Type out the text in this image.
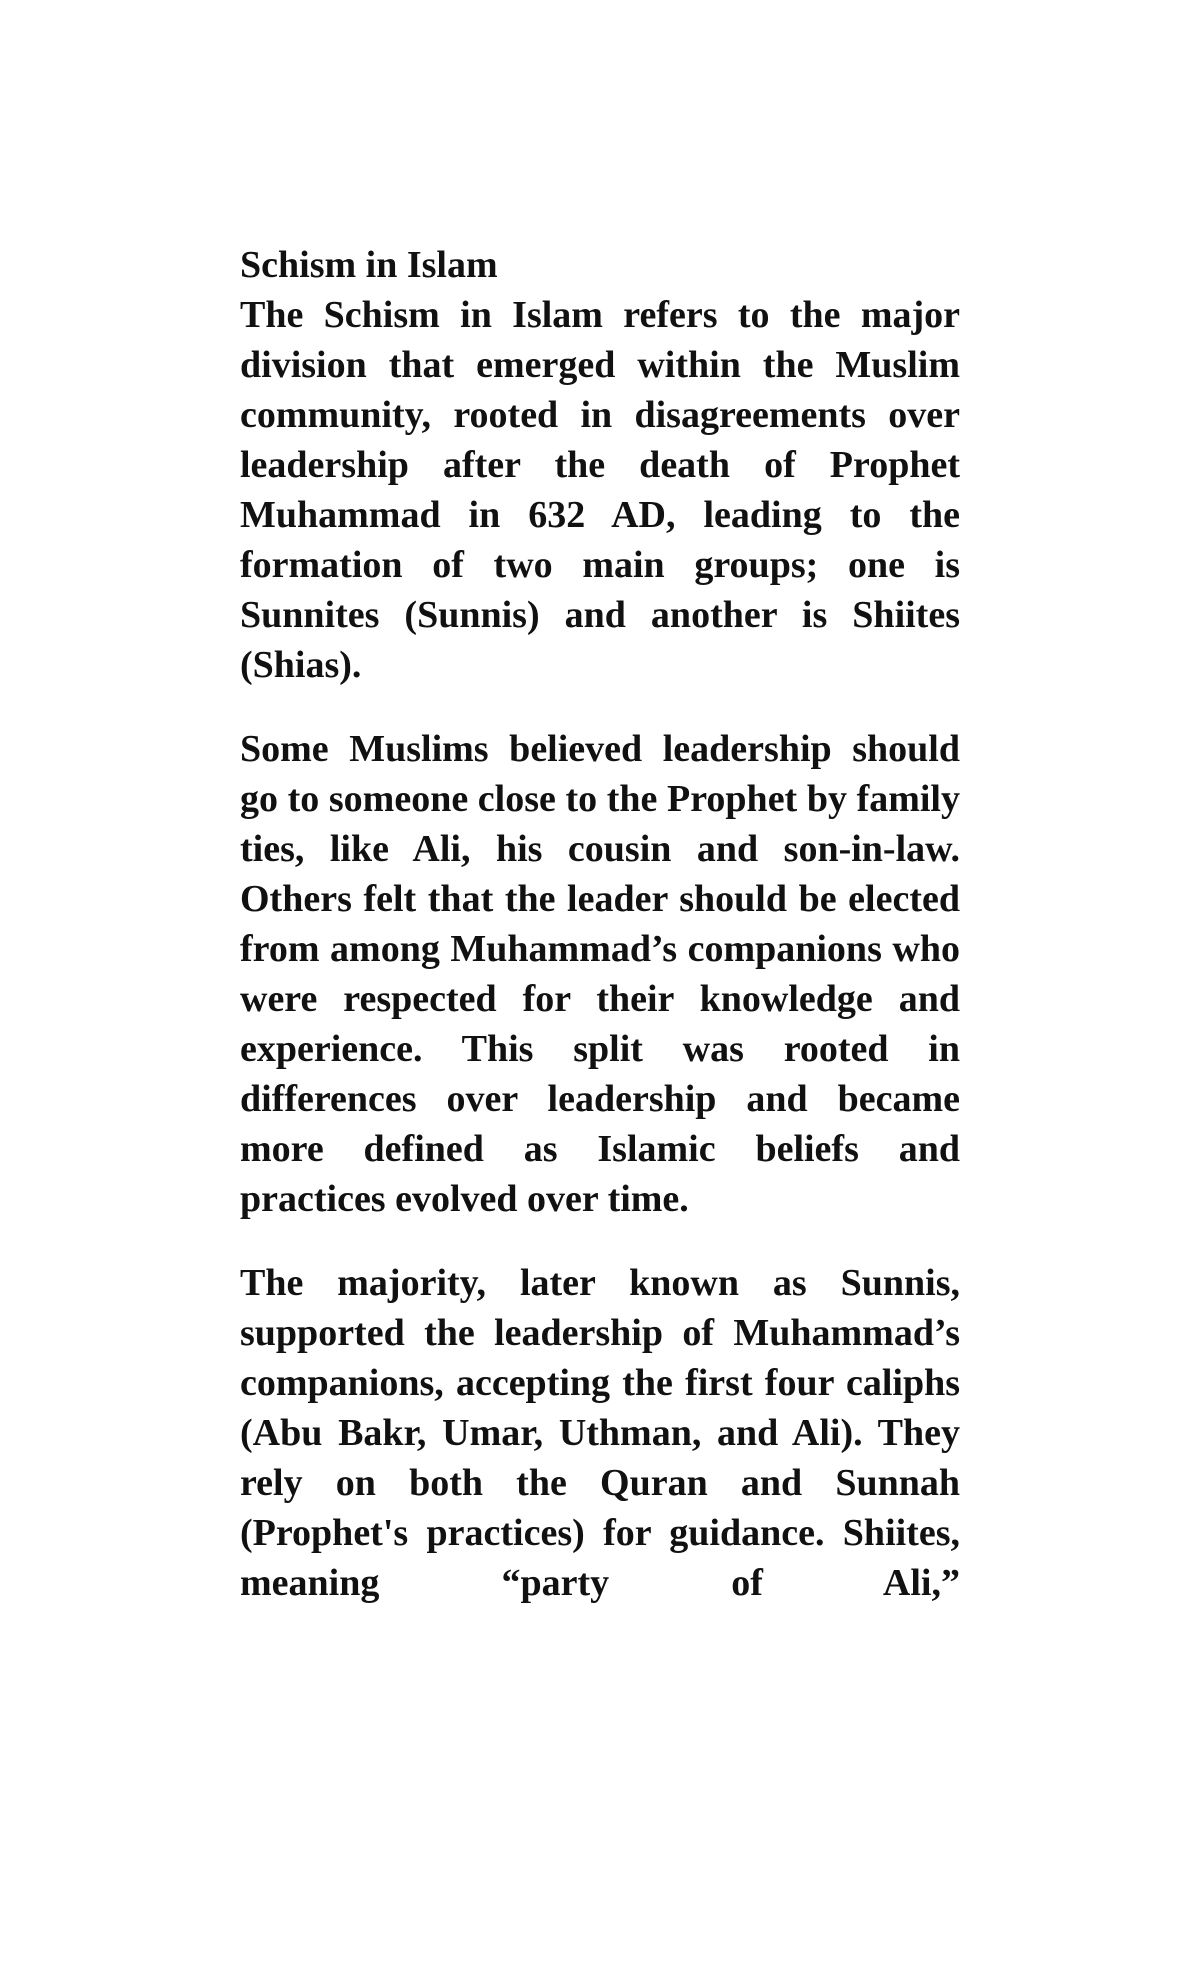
Schism in Islam

The Schism in Islam refers to the major division that emerged within the Muslim community, rooted in disagreements over leadership after the death of Prophet Muhammad in 632 AD, leading to the formation of two main groups; one is Sunnites (Sunnis) and another is Shiites (Shias).

Some Muslims believed leadership should go to someone close to the Prophet by family ties, like Ali, his cousin and son-in-law. Others felt that the leader should be elected from among Muhammad’s companions who were respected for their knowledge and experience. This split was rooted in differences over leadership and became more defined as Islamic beliefs and practices evolved over time.

The majority, later known as Sunnis, supported the leadership of Muhammad’s companions, accepting the first four caliphs (Abu Bakr, Umar, Uthman, and Ali). They rely on both the Quran and Sunnah (Prophet's practices) for guidance. Shiites, meaning “party of Ali,”
